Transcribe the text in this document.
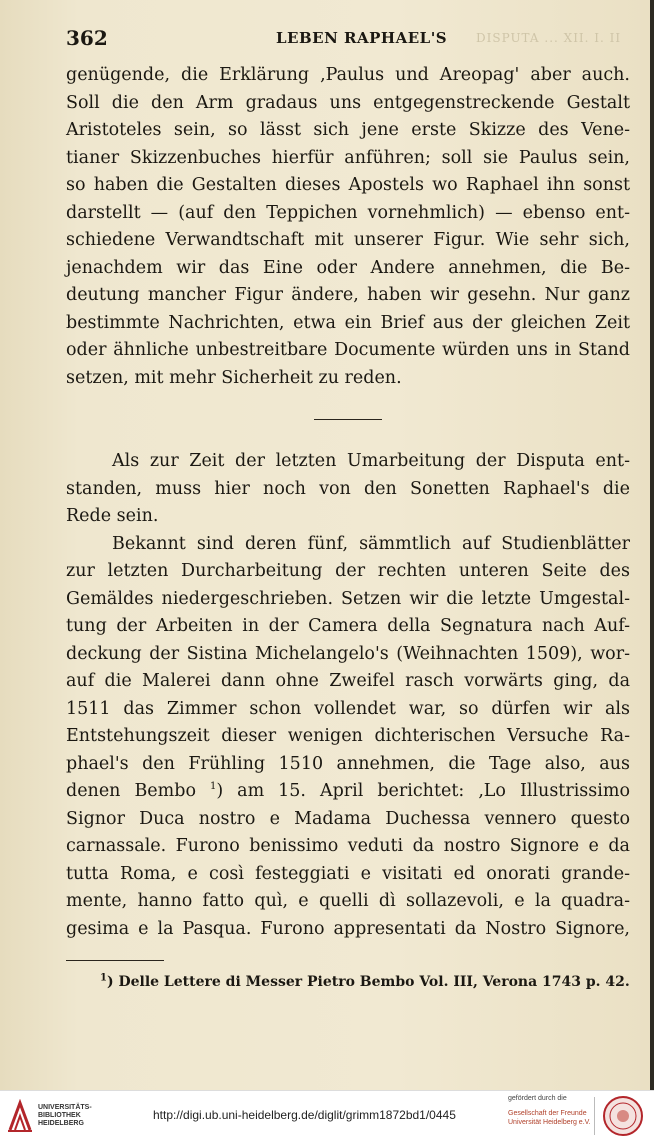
362	LEBEN RAPHAEL'S DISPUTA ... XII. I. II
genügende, die Erklärung ‚Paulus und Areopag' aber auch.
Soll die den Arm gradaus uns entgegenstreckende Gestalt
Aristoteles sein, so lässt sich jene erste Skizze des Vene-
tianer Skizzenbuches hierfür anführen; soll sie Paulus sein,
so haben die Gestalten dieses Apostels wo Raphael ihn sonst
darstellt — (auf den Teppichen vornehmlich) — ebenso ent-
schiedene Verwandtschaft mit unserer Figur. Wie sehr sich,
jenachdem wir das Eine oder Andere annehmen, die Be-
deutung mancher Figur ändere, haben wir gesehn. Nur ganz
bestimmte Nachrichten, etwa ein Brief aus der gleichen Zeit
oder ähnliche unbestreitbare Documente würden uns in Stand
setzen, mit mehr Sicherheit zu reden.
Als zur Zeit der letzten Umarbeitung der Disputa ent-
standen, muss hier noch von den Sonetten Raphael's die
Rede sein.
Bekannt sind deren fünf, sämmtlich auf Studienblätter
zur letzten Durcharbeitung der rechten unteren Seite des
Gemäldes niedergeschrieben. Setzen wir die letzte Umgestal-
tung der Arbeiten in der Camera della Segnatura nach Auf-
deckung der Sistina Michelangelo's (Weihnachten 1509), wor-
auf die Malerei dann ohne Zweifel rasch vorwärts ging, da
1511 das Zimmer schon vollendet war, so dürfen wir als
Entstehungszeit dieser wenigen dichterischen Versuche Ra-
phael's den Frühling 1510 annehmen, die Tage also, aus
denen Bembo $^1$) am 15. April berichtet: ‚Lo Illustrissimo
Signor Duca nostro e Madama Duchessa vennero questo
carnassale. Furono benissimo veduti da nostro Signore e da
tutta Roma, e così festeggiati e visitati ed onorati grande-
mente, hanno fatto quì, e quelli dì sollazevoli, e la quadra-
gesima e la Pasqua. Furono appresentati da Nostro Signore,
$^1$) Delle Lettere di Messer Pietro Bembo Vol. III, Verona 1743 p. 42.
UNIVERSITÄTS-
BIBLIOTHEK
HEIDELBERG
http://digi.ub.uni-heidelberg.de/diglit/grimm1872bd1/0445
gefördert durch die
Gesellschaft der Freunde
Universität Heidelberg e.V.
